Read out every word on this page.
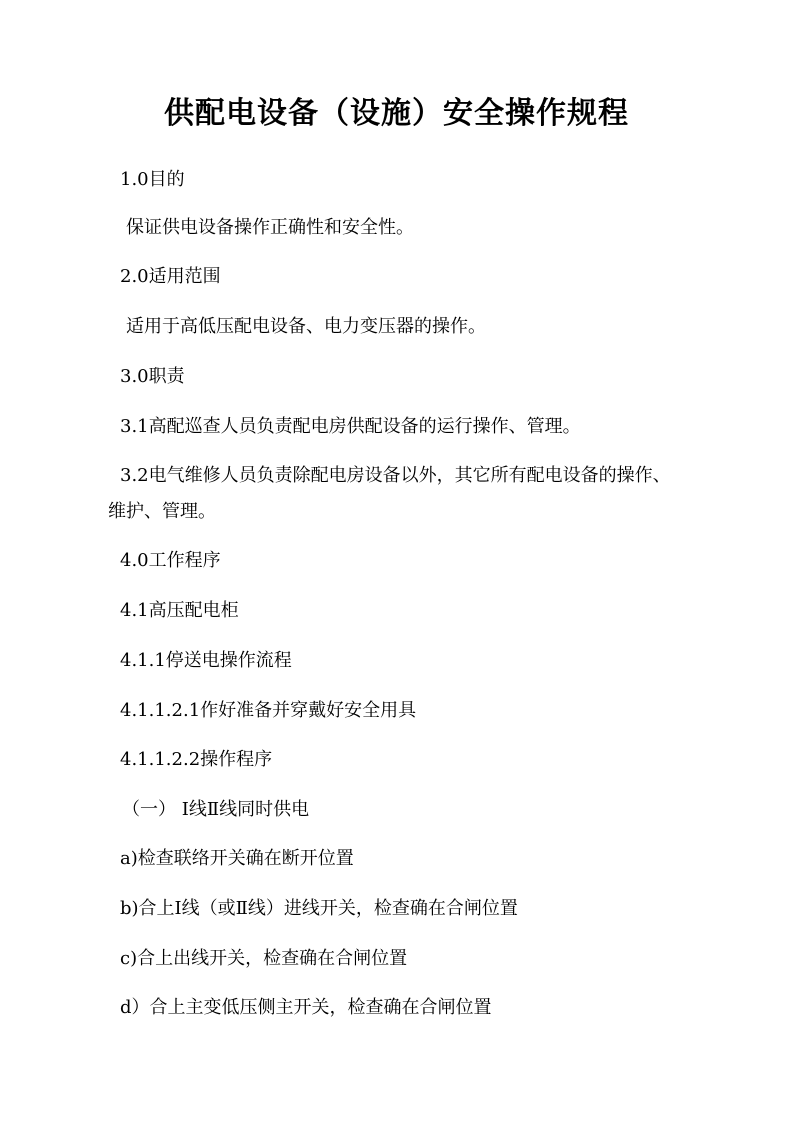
供配电设备（设施）安全操作规程

1.0目的

保证供电设备操作正确性和安全性。

2.0适用范围

适用于高低压配电设备、电力变压器的操作。

3.0职责

3.1高配巡查人员负责配电房供配设备的运行操作、管理。

3.2电气维修人员负责除配电房设备以外，其它所有配电设备的操作、维护、管理。

4.0工作程序

4.1高压配电柜

4.1.1停送电操作流程

4.1.1.2.1作好准备并穿戴好安全用具

4.1.1.2.2操作程序

（一） Ⅰ线Ⅱ线同时供电

a)检查联络开关确在断开位置

b)合上Ⅰ线（或Ⅱ线）进线开关，检查确在合闸位置

c)合上出线开关，检查确在合闸位置

d）合上主变低压侧主开关，检查确在合闸位置
